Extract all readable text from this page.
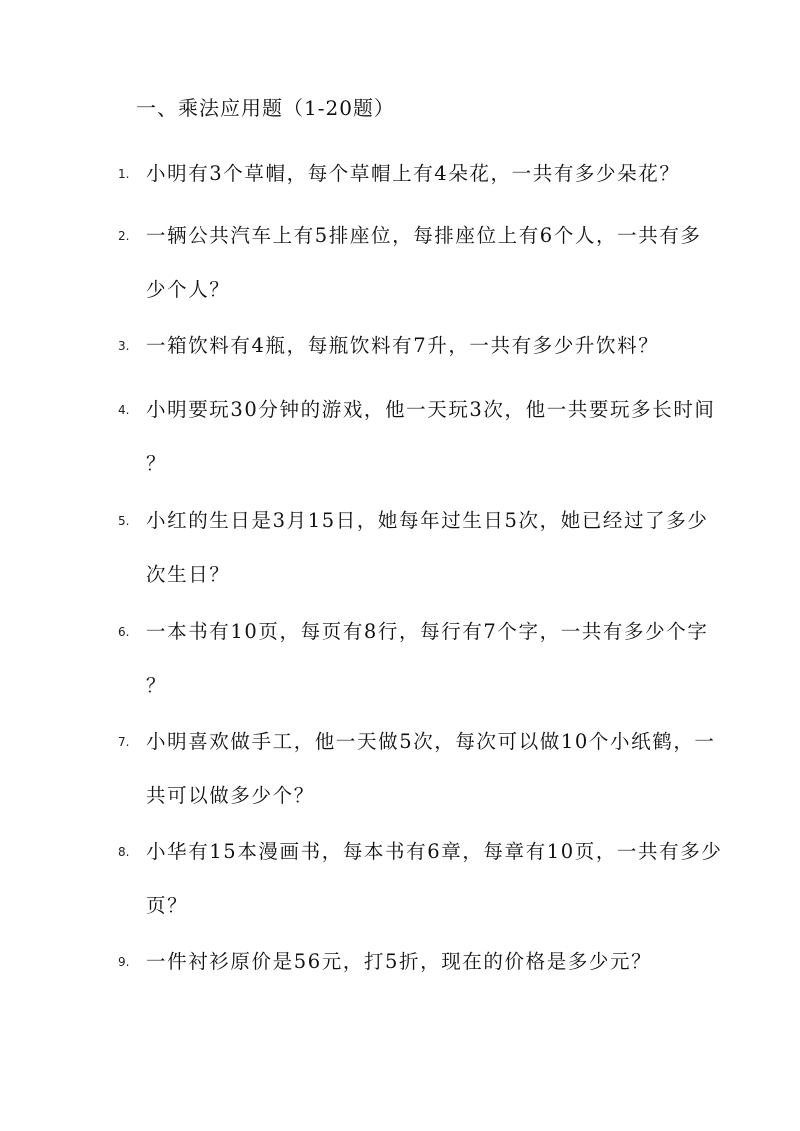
一、乘法应用题（1-20题）
1. 小明有3个草帽，每个草帽上有4朵花，一共有多少朵花？
2. 一辆公共汽车上有5排座位，每排座位上有6个人，一共有多
少个人？
3. 一箱饮料有4瓶，每瓶饮料有7升，一共有多少升饮料？
4. 小明要玩30分钟的游戏，他一天玩3次，他一共要玩多长时间
？
5. 小红的生日是3月15日，她每年过生日5次，她已经过了多少
次生日？
6. 一本书有10页，每页有8行，每行有7个字，一共有多少个字
？
7. 小明喜欢做手工，他一天做5次，每次可以做10个小纸鹤，一
共可以做多少个？
8. 小华有15本漫画书，每本书有6章，每章有10页，一共有多少
页？
9. 一件衬衫原价是56元，打5折，现在的价格是多少元？
